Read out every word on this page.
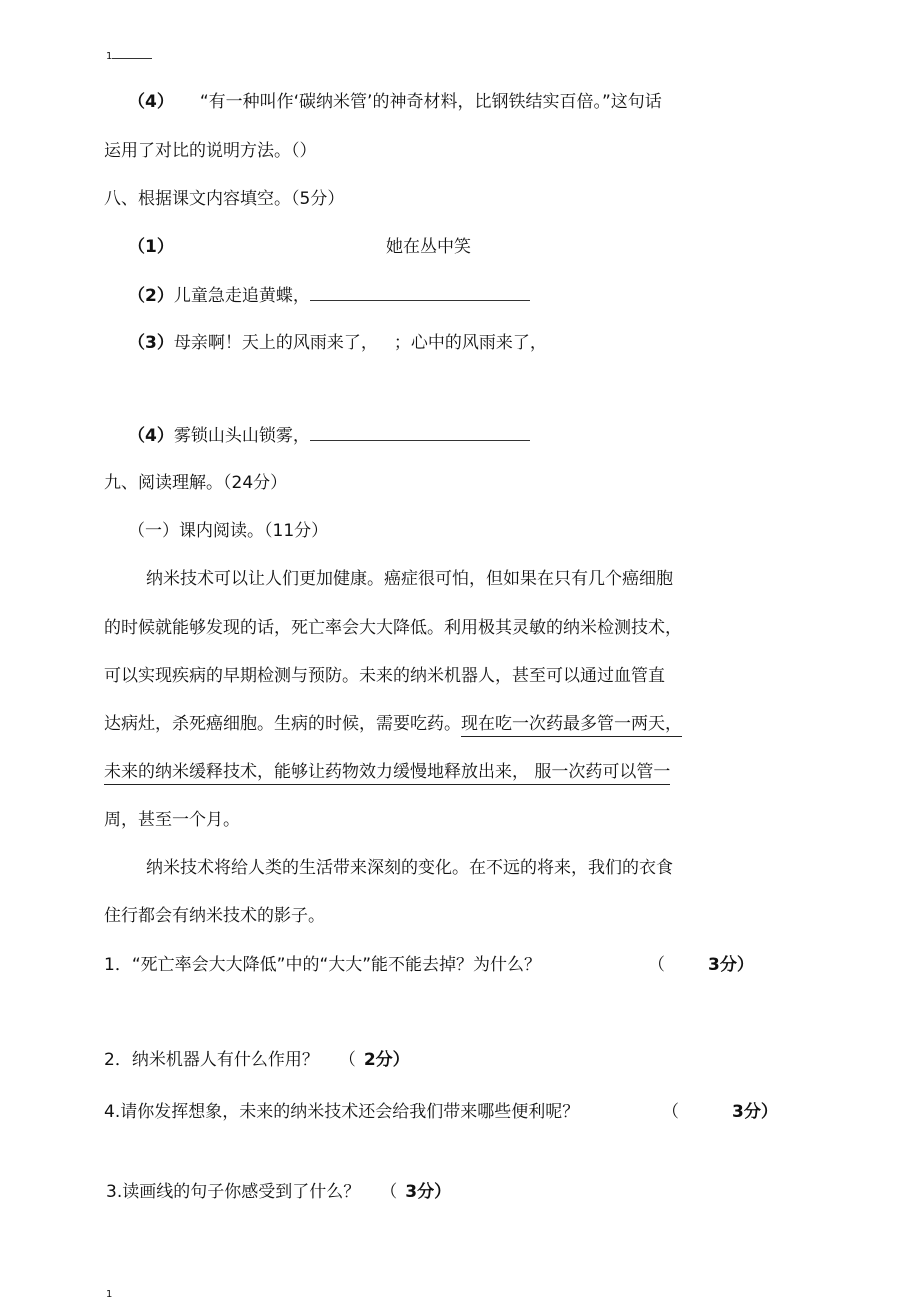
1
（4） “有一种叫作‘碳纳米管’的神奇材料，比钢铁结实百倍。”这句话
运用了对比的说明方法。（）
八、根据课文内容填空。（5分）
（1）	她在丛中笑
（2）儿童急走追黄蝶，
（3）母亲啊！天上的风雨来了， ；心中的风雨来了，
（4）雾锁山头山锁雾，
九、阅读理解。（24分）
（一）课内阅读。（11分）
纳米技术可以让人们更加健康。癌症很可怕，但如果在只有几个癌细胞
的时候就能够发现的话，死亡率会大大降低。利用极其灵敏的纳米检测技术，
可以实现疾病的早期检测与预防。未来的纳米机器人，甚至可以通过血管直
达病灶，杀死癌细胞。生病的时候，需要吃药。现在吃一次药最多管一两天，
未来的纳米缓释技术，能够让药物效力缓慢地释放出来， 服一次药可以管一
周，甚至一个月。
纳米技术将给人类的生活带来深刻的变化。在不远的将来，我们的衣食
住行都会有纳米技术的影子。
1．“死亡率会大大降低”中的“大大”能不能去掉？为什么？	（	3分）
2．纳米机器人有什么作用？ （ 2分）
4.请你发挥想象，未来的纳米技术还会给我们带来哪些便利呢？	（	3分）
3.读画线的句子你感受到了什么？ （ 3分）
1
